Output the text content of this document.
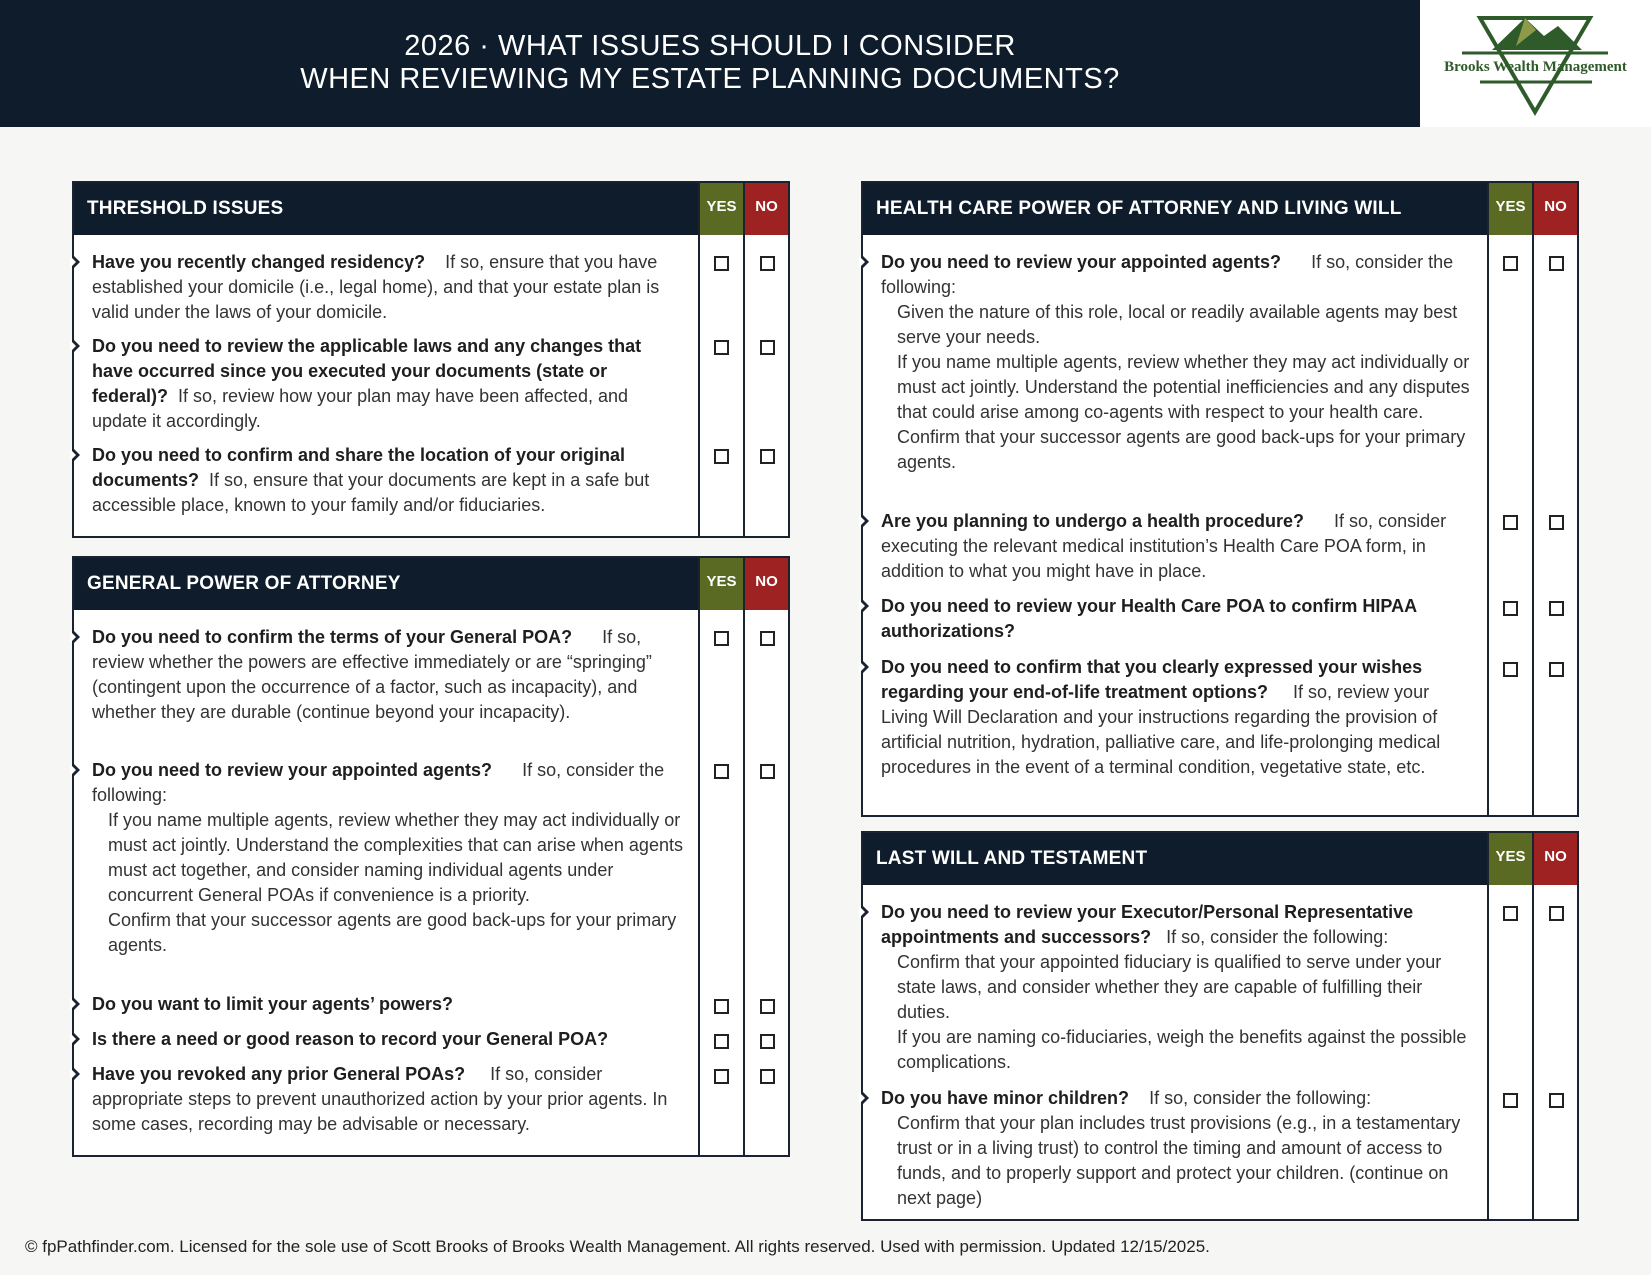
2026 · WHAT ISSUES SHOULD I CONSIDER
WHEN REVIEWING MY ESTATE PLANNING DOCUMENTS?	Brooks Wealth Management
THRESHOLD ISSUES	YES	NO
Have you recently changed residency? If so, ensure that you have established your domicile (i.e., legal home), and that your estate plan is valid under the laws of your domicile.
Do you need to review the applicable laws and any changes that have occurred since you executed your documents (state or federal)? If so, review how your plan may have been affected, and update it accordingly.
Do you need to confirm and share the location of your original documents? If so, ensure that your documents are kept in a safe but accessible place, known to your family and/or fiduciaries.
GENERAL POWER OF ATTORNEY	YES	NO
Do you need to confirm the terms of your General POA? If so, review whether the powers are effective immediately or are “springing” (contingent upon the occurrence of a factor, such as incapacity), and whether they are durable (continue beyond your incapacity).
Do you need to review your appointed agents? If so, consider the following:
If you name multiple agents, review whether they may act individually or must act jointly. Understand the complexities that can arise when agents must act together, and consider naming individual agents under concurrent General POAs if convenience is a priority.
Confirm that your successor agents are good back-ups for your primary agents.
Do you want to limit your agents’ powers?
Is there a need or good reason to record your General POA?
Have you revoked any prior General POAs? If so, consider appropriate steps to prevent unauthorized action by your prior agents. In some cases, recording may be advisable or necessary.
HEALTH CARE POWER OF ATTORNEY AND LIVING WILL	YES	NO
Do you need to review your appointed agents? If so, consider the following:
Given the nature of this role, local or readily available agents may best serve your needs.
If you name multiple agents, review whether they may act individually or must act jointly. Understand the potential inefficiencies and any disputes that could arise among co-agents with respect to your health care.
Confirm that your successor agents are good back-ups for your primary agents.
Are you planning to undergo a health procedure? If so, consider executing the relevant medical institution’s Health Care POA form, in addition to what you might have in place.
Do you need to review your Health Care POA to confirm HIPAA authorizations?
Do you need to confirm that you clearly expressed your wishes regarding your end-of-life treatment options? If so, review your Living Will Declaration and your instructions regarding the provision of artificial nutrition, hydration, palliative care, and life-prolonging medical procedures in the event of a terminal condition, vegetative state, etc.
LAST WILL AND TESTAMENT	YES	NO
Do you need to review your Executor/Personal Representative appointments and successors? If so, consider the following:
Confirm that your appointed fiduciary is qualified to serve under your state laws, and consider whether they are capable of fulfilling their duties.
If you are naming co-fiduciaries, weigh the benefits against the possible complications.
Do you have minor children? If so, consider the following:
Confirm that your plan includes trust provisions (e.g., in a testamentary trust or in a living trust) to control the timing and amount of access to funds, and to properly support and protect your children. (continue on next page)
© fpPathfinder.com. Licensed for the sole use of Scott Brooks of Brooks Wealth Management. All rights reserved. Used with permission. Updated 12/15/2025.
